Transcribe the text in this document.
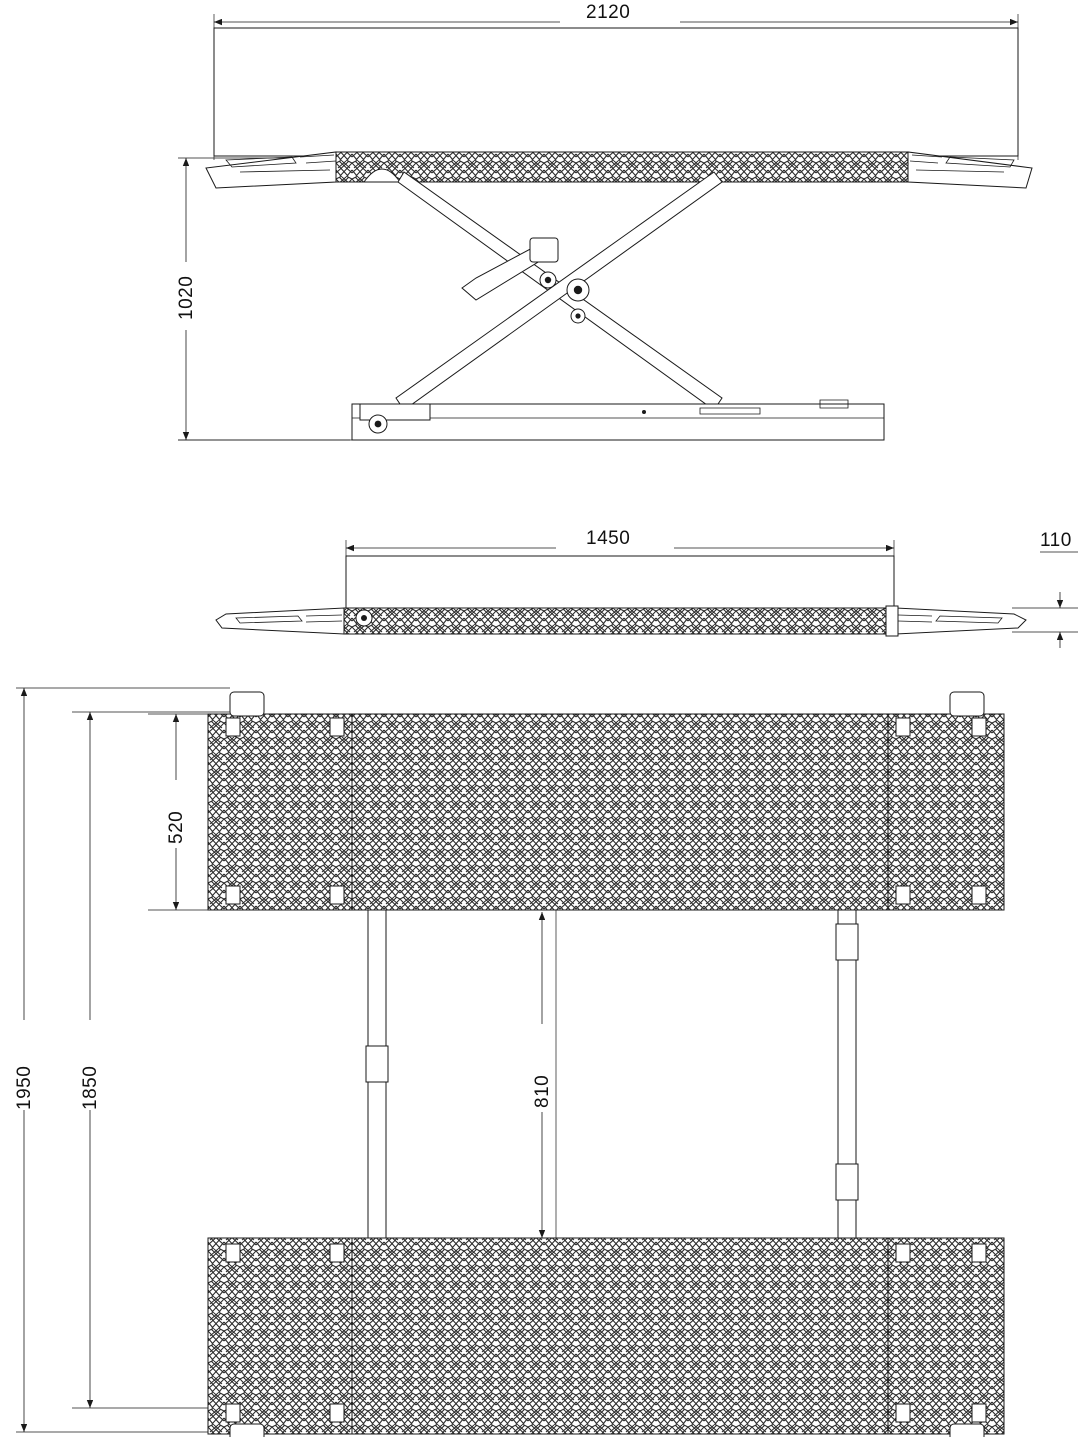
2120
1020
1450	110
520
810
1850
1950
